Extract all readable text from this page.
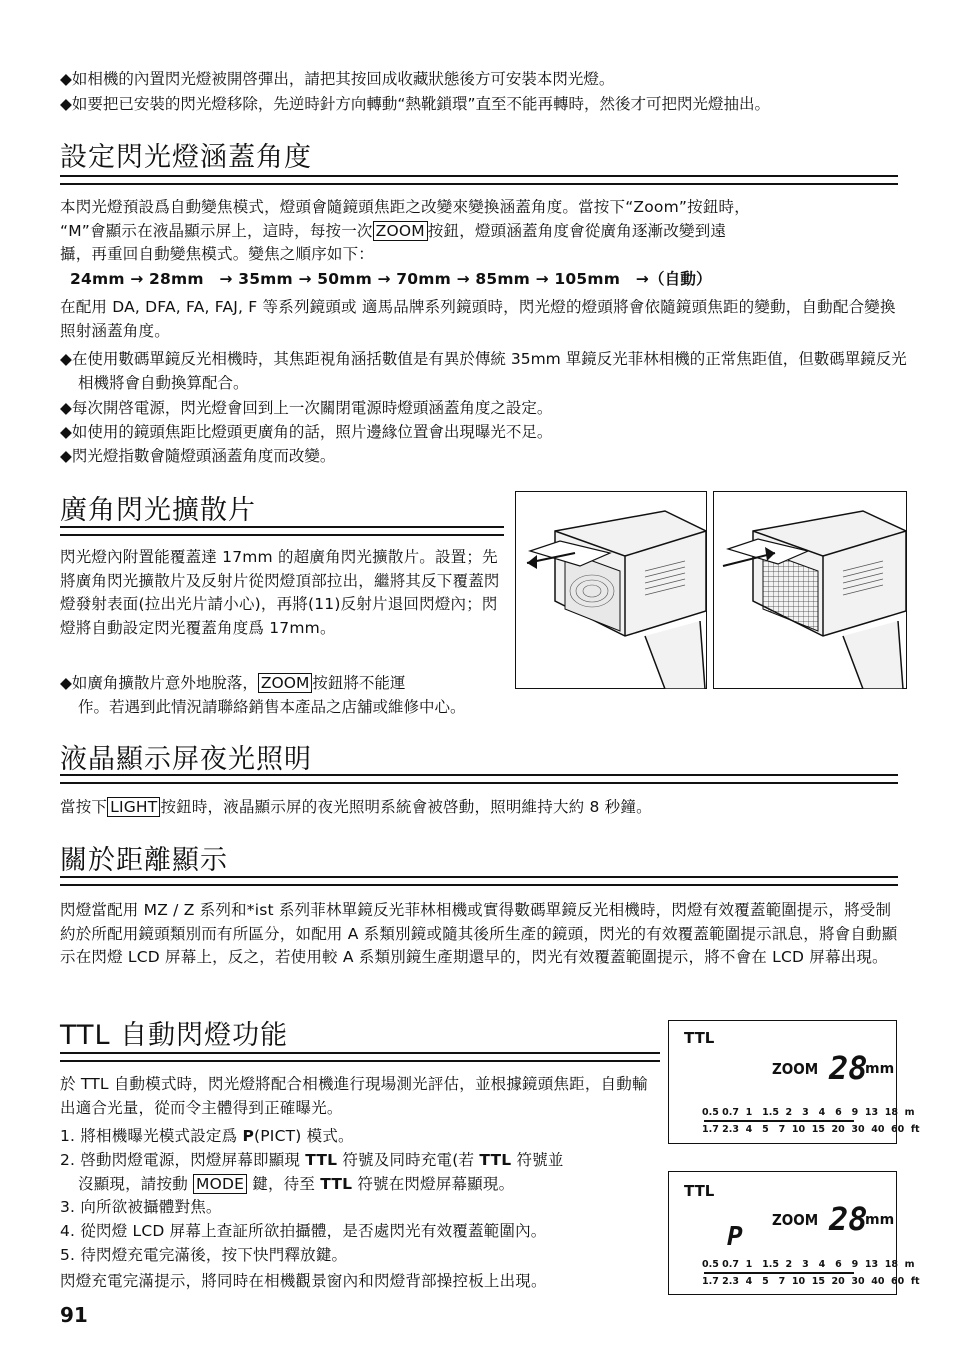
◆如相機的內置閃光燈被開啓彈出，請把其按回成收藏狀態後方可安裝本閃光燈。
◆如要把已安裝的閃光燈移除，先逆時針方向轉動“熱靴鎖環”直至不能再轉時，然後才可把閃光燈抽出。
設定閃光燈涵蓋角度
本閃光燈預設爲自動變焦模式，燈頭會隨鏡頭焦距之改變來變換涵蓋角度。當按下“Zoom”按鈕時，
“M”會顯示在液晶顯示屏上，這時，每按一次 ZOOM 按鈕，燈頭涵蓋角度會從廣角逐漸改變到遠
攝，再重回自動變焦模式。變焦之順序如下：
24mm → 28mm　→ 35mm → 50mm → 70mm → 85mm → 105mm　→（自動）
在配用 DA, DFA, FA, FAJ, F 等系列鏡頭或 適馬品牌系列鏡頭時，閃光燈的燈頭將會依隨鏡頭焦距的變動，自動配合變換照射涵蓋角度。
◆在使用數碼單鏡反光相機時，其焦距視角涵括數值是有異於傳統 35mm 單鏡反光菲林相機的正常焦距值，但數碼單鏡反光相機將會自動換算配合。
◆每次開啓電源，閃光燈會回到上一次關閉電源時燈頭涵蓋角度之設定。
◆如使用的鏡頭焦距比燈頭更廣角的話，照片邊緣位置會出現曝光不足。
◆閃光燈指數會隨燈頭涵蓋角度而改變。
廣角閃光擴散片
閃光燈內附置能覆蓋達 17mm 的超廣角閃光擴散片。設置；先將廣角閃光擴散片及反射片從閃燈頂部拉出，繼將其反下覆蓋閃燈發射表面(拉出光片請小心)，再將(11)反射片退回閃燈內；閃燈將自動設定閃光覆蓋角度爲 17mm。
◆如廣角擴散片意外地脫落， ZOOM 按鈕將不能運
作。若遇到此情況請聯絡銷售本產品之店舖或維修中心。
液晶顯示屏夜光照明
當按下 LIGHT 按鈕時，液晶顯示屏的夜光照明系統會被啓動，照明維持大約 8 秒鐘。
關於距離顯示
閃燈當配用 MZ / Z 系列和*ist 系列菲林單鏡反光菲林相機或實得數碼單鏡反光相機時，閃燈有效覆蓋範圍提示，將受制約於所配用鏡頭類別而有所區分，如配用 A 系類別鏡或隨其後所生產的鏡頭，閃光的有效覆蓋範圍提示訊息，將會自動顯示在閃燈 LCD 屏幕上，反之，若使用較 A 系類別鏡生產期還早的，閃光有效覆蓋範圍提示，將不會在 LCD 屏幕出現。
TTL 自動閃燈功能
於 TTL 自動模式時，閃光燈將配合相機進行現場測光評估，並根據鏡頭焦距，自動輸出適合光量，從而令主體得到正確曝光。
1. 將相機曝光模式設定爲 P(PICT) 模式。
2. 啓動閃燈電源，閃燈屏幕即顯現 TTL 符號及同時充電(若 TTL 符號並
沒顯現，請按動 MODE 鍵，待至 TTL 符號在閃燈屏幕顯現。
3. 向所欲被攝體對焦。
4. 從閃燈 LCD 屏幕上查証所欲拍攝體，是否處閃光有效覆蓋範圍內。
5. 待閃燈充電完滿後，按下快門釋放鍵。
閃燈充電完滿提示，將同時在相機觀景窗內和閃燈背部操控板上出現。
TTL
ZOOM 28
mm
0.5 0.7  1   1.5  2   3   4   6   9  13  18  m
1.7 2.3  4   5   7  10  15  20  30  40  60  ft
TTL
ZOOM 28
mm
P
0.5 0.7  1   1.5  2   3   4   6   9  13  18  m
1.7 2.3  4   5   7  10  15  20  30  40  60  ft
91
